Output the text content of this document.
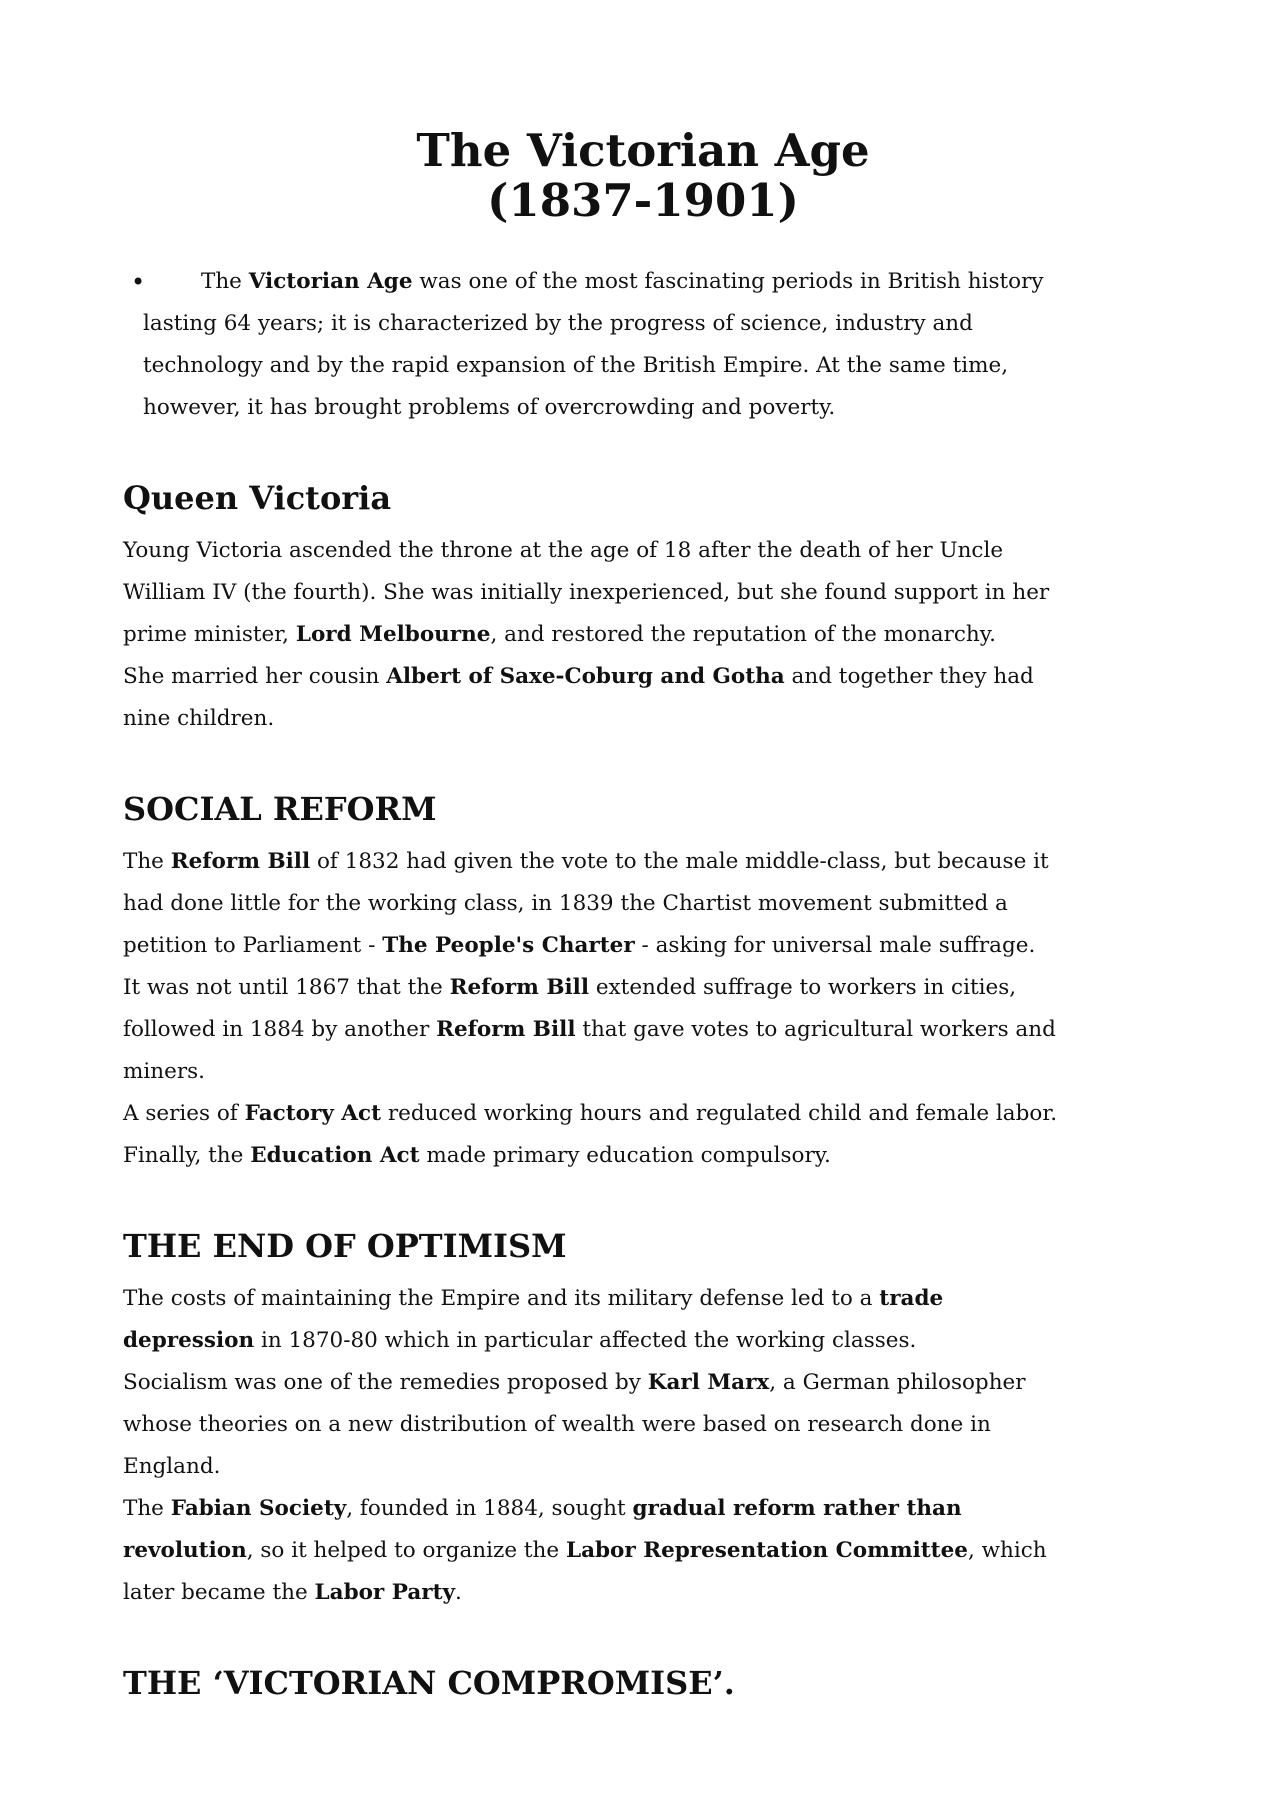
The Victorian Age
(1837-1901)
•	The Victorian Age was one of the most fascinating periods in British history
lasting 64 years; it is characterized by the progress of science, industry and
technology and by the rapid expansion of the British Empire. At the same time,
however, it has brought problems of overcrowding and poverty.
Queen Victoria
Young Victoria ascended the throne at the age of 18 after the death of her Uncle
William IV (the fourth). She was initially inexperienced, but she found support in her
prime minister, Lord Melbourne, and restored the reputation of the monarchy.
She married her cousin Albert of Saxe-Coburg and Gotha and together they had
nine children.
SOCIAL REFORM
The Reform Bill of 1832 had given the vote to the male middle-class, but because it
had done little for the working class, in 1839 the Chartist movement submitted a
petition to Parliament - The People's Charter - asking for universal male suffrage.
It was not until 1867 that the Reform Bill extended suffrage to workers in cities,
followed in 1884 by another Reform Bill that gave votes to agricultural workers and
miners.
A series of Factory Act reduced working hours and regulated child and female labor.
Finally, the Education Act made primary education compulsory.
THE END OF OPTIMISM
The costs of maintaining the Empire and its military defense led to a trade
depression in 1870-80 which in particular affected the working classes.
Socialism was one of the remedies proposed by Karl Marx, a German philosopher
whose theories on a new distribution of wealth were based on research done in
England.
The Fabian Society, founded in 1884, sought gradual reform rather than
revolution, so it helped to organize the Labor Representation Committee, which
later became the Labor Party.
THE ‘VICTORIAN COMPROMISE’.
